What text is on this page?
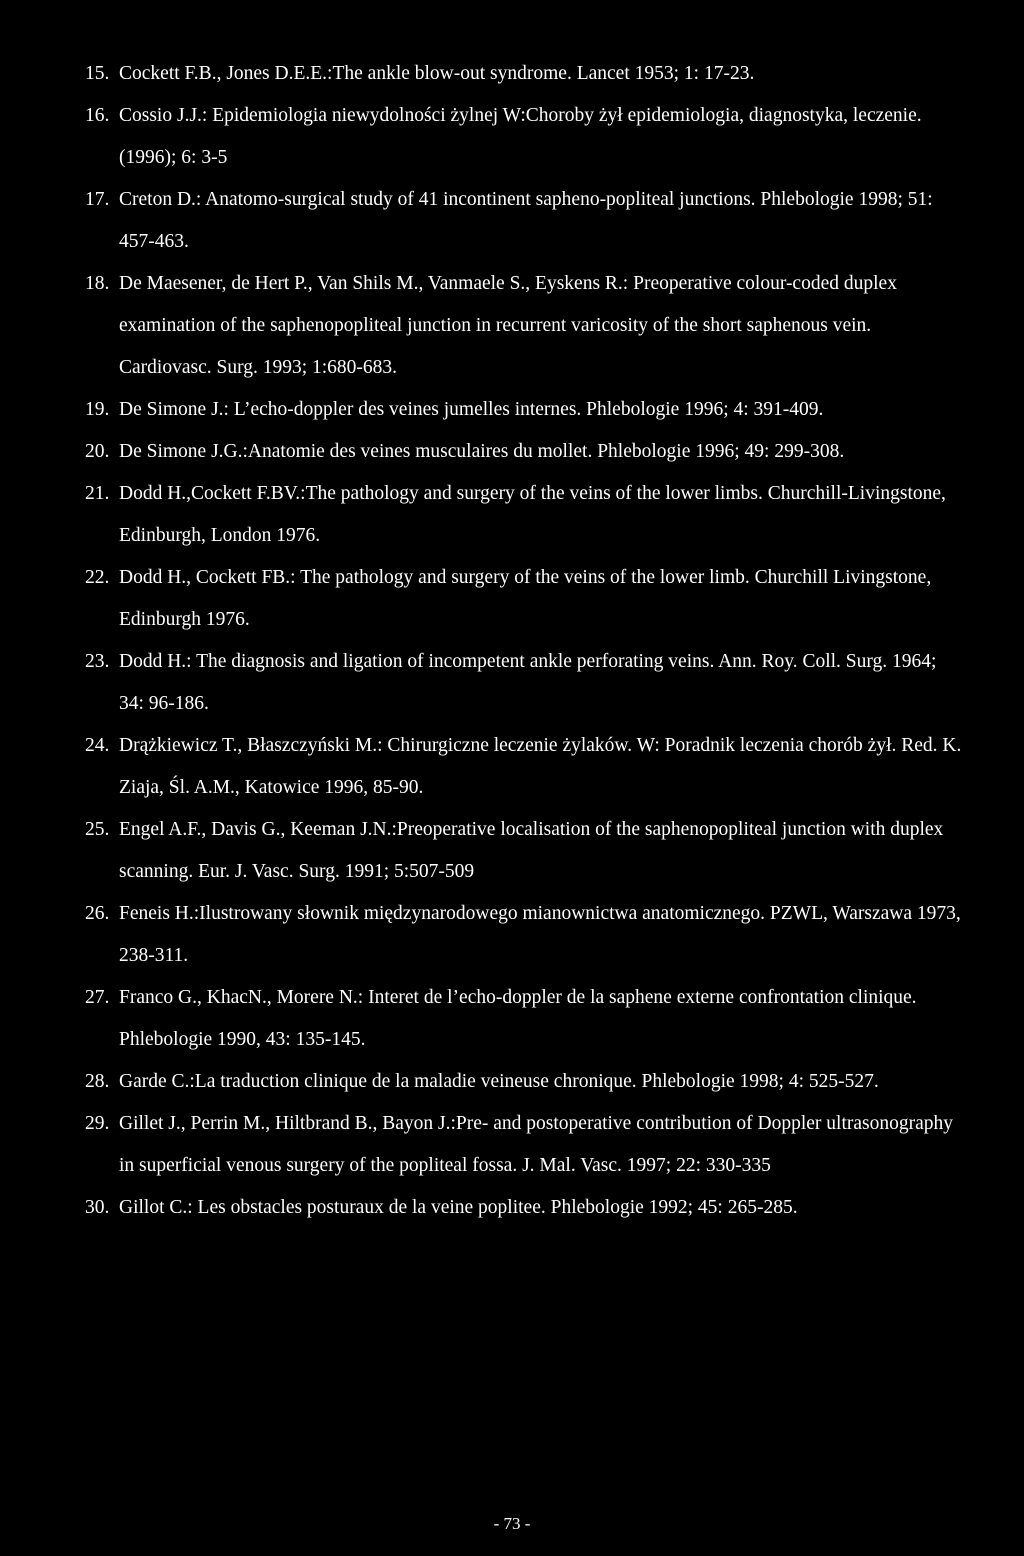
15. Cockett F.B., Jones D.E.E.:The ankle blow-out syndrome. Lancet 1953; 1: 17-23.
16. Cossio J.J.: Epidemiologia niewydolności żylnej W:Choroby żył epidemiologia, diagnostyka, leczenie. (1996); 6: 3-5
17. Creton D.: Anatomo-surgical study of 41 incontinent sapheno-popliteal junctions. Phlebologie 1998; 51: 457-463.
18. De Maesener, de Hert P., Van Shils M., Vanmaele S., Eyskens R.: Preoperative colour-coded duplex examination of the saphenopopliteal junction in recurrent varicosity of the short saphenous vein. Cardiovasc. Surg. 1993; 1:680-683.
19. De Simone J.: L’echo-doppler des veines jumelles internes. Phlebologie 1996; 4: 391-409.
20. De Simone J.G.:Anatomie des veines musculaires du mollet. Phlebologie 1996; 49: 299-308.
21. Dodd H.,Cockett F.BV.:The pathology and surgery of the veins of the lower limbs. Churchill-Livingstone, Edinburgh, London 1976.
22. Dodd H., Cockett FB.: The pathology and surgery of the veins of the lower limb. Churchill Livingstone, Edinburgh 1976.
23. Dodd H.: The diagnosis and ligation of incompetent ankle perforating veins. Ann. Roy. Coll. Surg. 1964; 34: 96-186.
24. Drążkiewicz T., Błaszczyński M.: Chirurgiczne leczenie żylaków. W: Poradnik leczenia chorób żył. Red. K. Ziaja, Śl. A.M., Katowice 1996, 85-90.
25. Engel A.F., Davis G., Keeman J.N.:Preoperative localisation of the saphenopopliteal junction with duplex scanning. Eur. J. Vasc. Surg. 1991; 5:507-509
26. Feneis H.:Ilustrowany słownik międzynarodowego mianownictwa anatomicznego. PZWL, Warszawa 1973, 238-311.
27. Franco G., KhacN., Morere N.: Interet de l’echo-doppler de la saphene externe confrontation clinique. Phlebologie 1990, 43: 135-145.
28. Garde C.:La traduction clinique de la maladie veineuse chronique. Phlebologie 1998; 4: 525-527.
29. Gillet J., Perrin M., Hiltbrand B., Bayon J.:Pre- and postoperative contribution of Doppler ultrasonography in superficial venous surgery of the popliteal fossa. J. Mal. Vasc. 1997; 22: 330-335
30. Gillot C.: Les obstacles posturaux de la veine poplitee. Phlebologie 1992; 45: 265-285.
- 73 -
